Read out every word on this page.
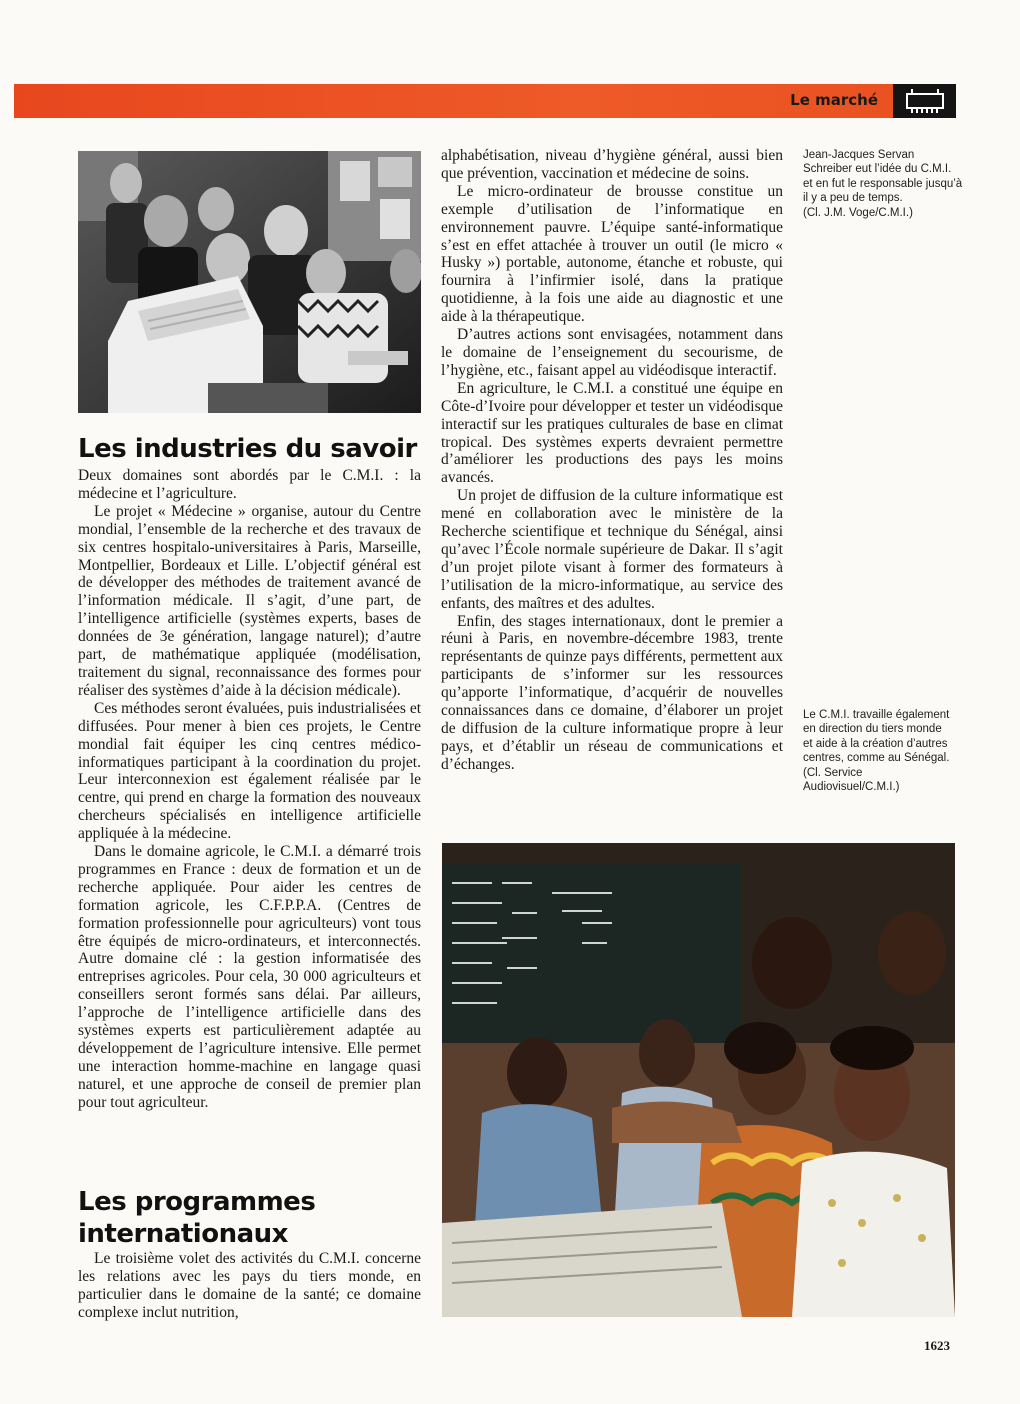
Le marché
Les industries du savoir

Deux domaines sont abordés par le C.M.I. : la médecine et l’agriculture.

Le projet « Médecine » organise, autour du Centre mondial, l’ensemble de la recherche et des travaux de six centres hospitalo-universitaires à Paris, Marseille, Montpellier, Bordeaux et Lille. L’objectif général est de développer des méthodes de traitement avancé de l’information médicale. Il s’agit, d’une part, de l’intelligence artificielle (systèmes experts, bases de données de 3e génération, langage naturel); d’autre part, de mathématique appliquée (modélisation, traitement du signal, reconnaissance des formes pour réaliser des systèmes d’aide à la décision médicale).

Ces méthodes seront évaluées, puis industrialisées et diffusées. Pour mener à bien ces projets, le Centre mondial fait équiper les cinq centres médico-informatiques participant à la coordination du projet. Leur interconnexion est également réalisée par le centre, qui prend en charge la formation des nouveaux chercheurs spécialisés en intelligence artificielle appliquée à la médecine.

Dans le domaine agricole, le C.M.I. a démarré trois programmes en France : deux de formation et un de recherche appliquée. Pour aider les centres de formation agricole, les C.F.P.P.A. (Centres de formation professionnelle pour agriculteurs) vont tous être équipés de micro-ordinateurs, et interconnectés. Autre domaine clé : la gestion informatisée des entreprises agricoles. Pour cela, 30 000 agriculteurs et conseillers seront formés sans délai. Par ailleurs, l’approche de l’intelligence artificielle dans des systèmes experts est particulièrement adaptée au développement de l’agriculture intensive. Elle permet une interaction homme-machine en langage quasi naturel, et une approche de conseil de premier plan pour tout agriculteur.

Les programmes
internationaux

Le troisième volet des activités du C.M.I. concerne les relations avec les pays du tiers monde, en particulier dans le domaine de la santé; ce domaine complexe inclut nutrition,

alphabétisation, niveau d’hygiène général, aussi bien que prévention, vaccination et médecine de soins.

Le micro-ordinateur de brousse constitue un exemple d’utilisation de l’informatique en environnement pauvre. L’équipe santé-informatique s’est en effet attachée à trouver un outil (le micro « Husky ») portable, autonome, étanche et robuste, qui fournira à l’infirmier isolé, dans la pratique quotidienne, à la fois une aide au diagnostic et une aide à la thérapeutique.

D’autres actions sont envisagées, notamment dans le domaine de l’enseignement du secourisme, de l’hygiène, etc., faisant appel au vidéodisque interactif.

En agriculture, le C.M.I. a constitué une équipe en Côte-d’Ivoire pour développer et tester un vidéodisque interactif sur les pratiques culturales de base en climat tropical. Des systèmes experts devraient permettre d’améliorer les productions des pays les moins avancés.

Un projet de diffusion de la culture informatique est mené en collaboration avec le ministère de la Recherche scientifique et technique du Sénégal, ainsi qu’avec l’École normale supérieure de Dakar. Il s’agit d’un projet pilote visant à former des formateurs à l’utilisation de la micro-informatique, au service des enfants, des maîtres et des adultes.

Enfin, des stages internationaux, dont le premier a réuni à Paris, en novembre-décembre 1983, trente représentants de quinze pays différents, permettent aux participants de s’informer sur les ressources qu’apporte l’informatique, d’acquérir de nouvelles connaissances dans ce domaine, d’élaborer un projet de diffusion de la culture informatique propre à leur pays, et d’établir un réseau de communications et d’échanges.

Jean-Jacques Servan Schreiber eut l’idée du C.M.I. et en fut le responsable jusqu’à il y a peu de temps.
(Cl. J.M. Voge/C.M.I.)
Le C.M.I. travaille également en direction du tiers monde et aide à la création d’autres centres, comme au Sénégal.
(Cl. Service Audiovisuel/C.M.I.)
1623
